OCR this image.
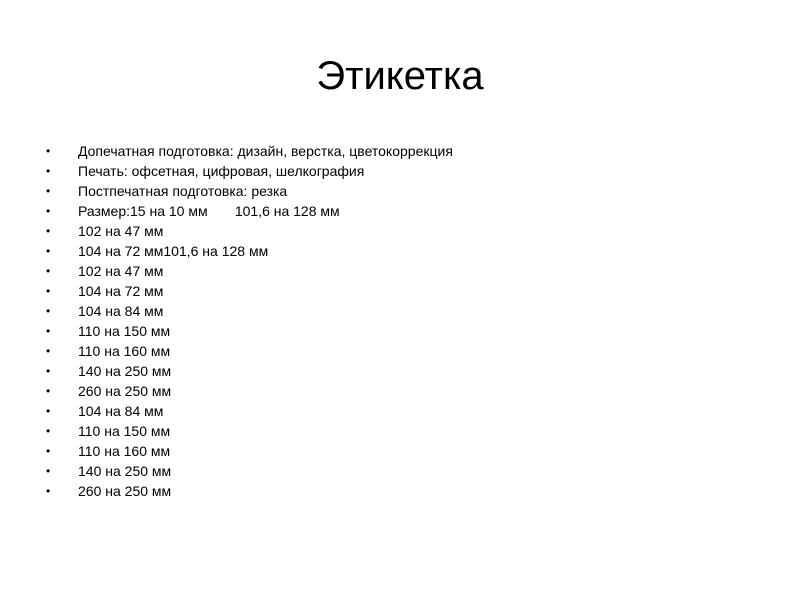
Этикетка
•	Допечатная подготовка: дизайн, верстка, цветокоррекция
•	Печать: офсетная, цифровая, шелкография
•	Постпечатная подготовка: резка
•	Размер:15 на 10 мм       101,6 на 128 мм
•	102 на 47 мм
•	104 на 72 мм101,6 на 128 мм
•	102 на 47 мм
•	104 на 72 мм
•	104 на 84 мм
•	110 на 150 мм
•	110 на 160 мм
•	140 на 250 мм
•	260 на 250 мм
•	104 на 84 мм
•	110 на 150 мм
•	110 на 160 мм
•	140 на 250 мм
•	260 на 250 мм
